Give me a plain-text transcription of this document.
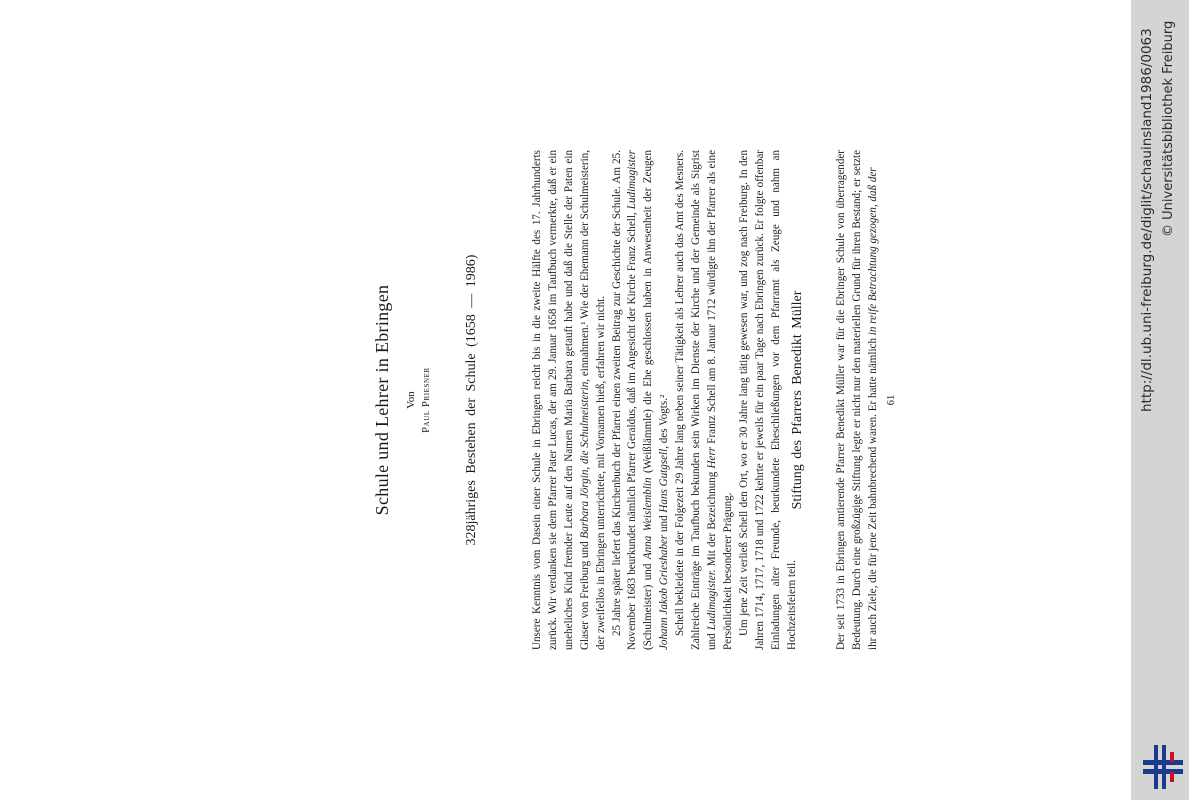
Schule und Lehrer in Ebringen Von Paul Priesner 328jähriges Bestehen der Schule (1658 — 1986)	Unsere Kenntnis vom Dasein einer Schule in Ebringen reicht bis in die zweite Hälfte des 17. Jahrhunderts zurück. Wir verdanken sie dem Pfarrer Pater Lucas, der am 29. Januar 1658 im Taufbuch vermerkte, daß er ein uneheliches Kind fremder Leute auf den Namen Maria Barbara getauft habe und daß die Stelle der Paten ein Glaser von Freiburg und Barbara Jörgin, die Schulmeisterin, einnahmen.¹ Wie der Ehemann der Schulmeisterin, der zweifellos in Ebringen unterrichtete, mit Vornamen hieß, erfahren wir nicht. 25 Jahre später liefert das Kirchenbuch der Pfarrei einen zweiten Beitrag zur Geschichte der Schule. Am 25. November 1683 beurkundet nämlich Pfarrer Geraldus, daß im Angesicht der Kirche Franz Schell, Ludimagister (Schulmeister) und Anna Weislemblin (Weißlämmle) die Ehe geschlossen haben in Anwesenheit der Zeugen Johann Jakob Grieshaber und Hans Gutgsell, des Vogts.² Schell bekleidete in der Folgezeit 29 Jahre lang neben seiner Tätigkeit als Lehrer auch das Amt des Mesners. Zahlreiche Einträge im Taufbuch bekunden sein Wirken im Dienste der Kirche und der Gemeinde als Sigrist und Ludimagister. Mit der Bezeichnung Herr Frantz Schell am 8. Januar 1712 würdigte ihn der Pfarrer als eine Persönlichkeit besonderer Prägung. Um jene Zeit verließ Schell den Ort, wo er 30 Jahre lang tätig gewesen war, und zog nach Freiburg. In den Jahren 1714, 1717, 1718 und 1722 kehrte er jeweils für ein paar Tage nach Ebringen zurück. Er folgte offenbar Einladungen alter Freunde, beurkundete Eheschließungen vor dem Pfarramt als Zeuge und nahm an Hochzeitsfeiern teil.

Stiftung des Pfarrers Benedikt Müller	Der seit 1733 in Ebringen amtierende Pfarrer Benedikt Müller war für die Ebringer Schule von überragender Bedeutung. Durch eine großzügige Stiftung legte er nicht nur den materiellen Grund für ihren Bestand; er setzte ihr auch Ziele, die für jene Zeit bahnbrechend waren. Er hatte nämlich in reife Betrachtung gezogen, daß der

61	http://dl.ub.uni-freiburg.de/diglit/schauinsland1986/0063 © Universitätsbibliothek Freiburg
